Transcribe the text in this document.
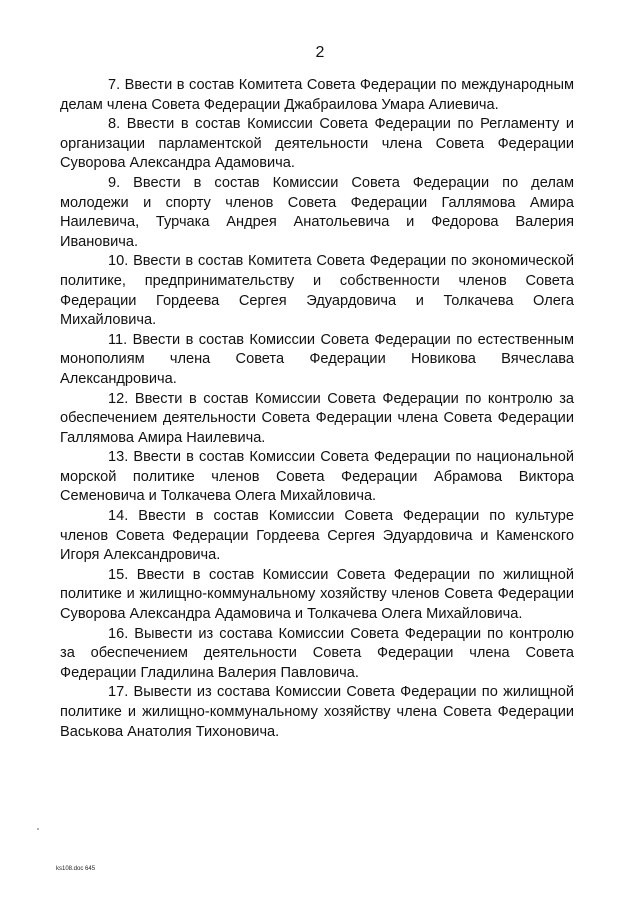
2

7. Ввести в состав Комитета Совета Федерации по международным делам члена Совета Федерации Джабраилова Умара Алиевича.

8. Ввести в состав Комиссии Совета Федерации по Регламенту и организации парламентской деятельности члена Совета Федерации Суворова Александра Адамовича.

9. Ввести в состав Комиссии Совета Федерации по делам молодежи и спорту членов Совета Федерации Галлямова Амира Наилевича, Турчака Андрея Анатольевича и Федорова Валерия Ивановича.

10. Ввести в состав Комитета Совета Федерации по экономической политике, предпринимательству и собственности членов Совета Федерации Гордеева Сергея Эдуардовича и Толкачева Олега Михайловича.

11. Ввести в состав Комиссии Совета Федерации по естественным монополиям члена Совета Федерации Новикова Вячеслава Александровича.

12. Ввести в состав Комиссии Совета Федерации по контролю за обеспечением деятельности Совета Федерации члена Совета Федерации Галлямова Амира Наилевича.

13. Ввести в состав Комиссии Совета Федерации по национальной морской политике членов Совета Федерации Абрамова Виктора Семеновича и Толкачева Олега Михайловича.

14. Ввести в состав Комиссии Совета Федерации по культуре членов Совета Федерации Гордеева Сергея Эдуардовича и Каменского Игоря Александровича.

15. Ввести в состав Комиссии Совета Федерации по жилищной политике и жилищно-коммунальному хозяйству членов Совета Федерации Суворова Александра Адамовича и Толкачева Олега Михайловича.

16. Вывести из состава Комиссии Совета Федерации по контролю за обеспечением деятельности Совета Федерации члена Совета Федерации Гладилина Валерия Павловича.

17. Вывести из состава Комиссии Совета Федерации по жилищной политике и жилищно-коммунальному хозяйству члена Совета Федерации Васькова Анатолия Тихоновича.

ks108.doc 645
